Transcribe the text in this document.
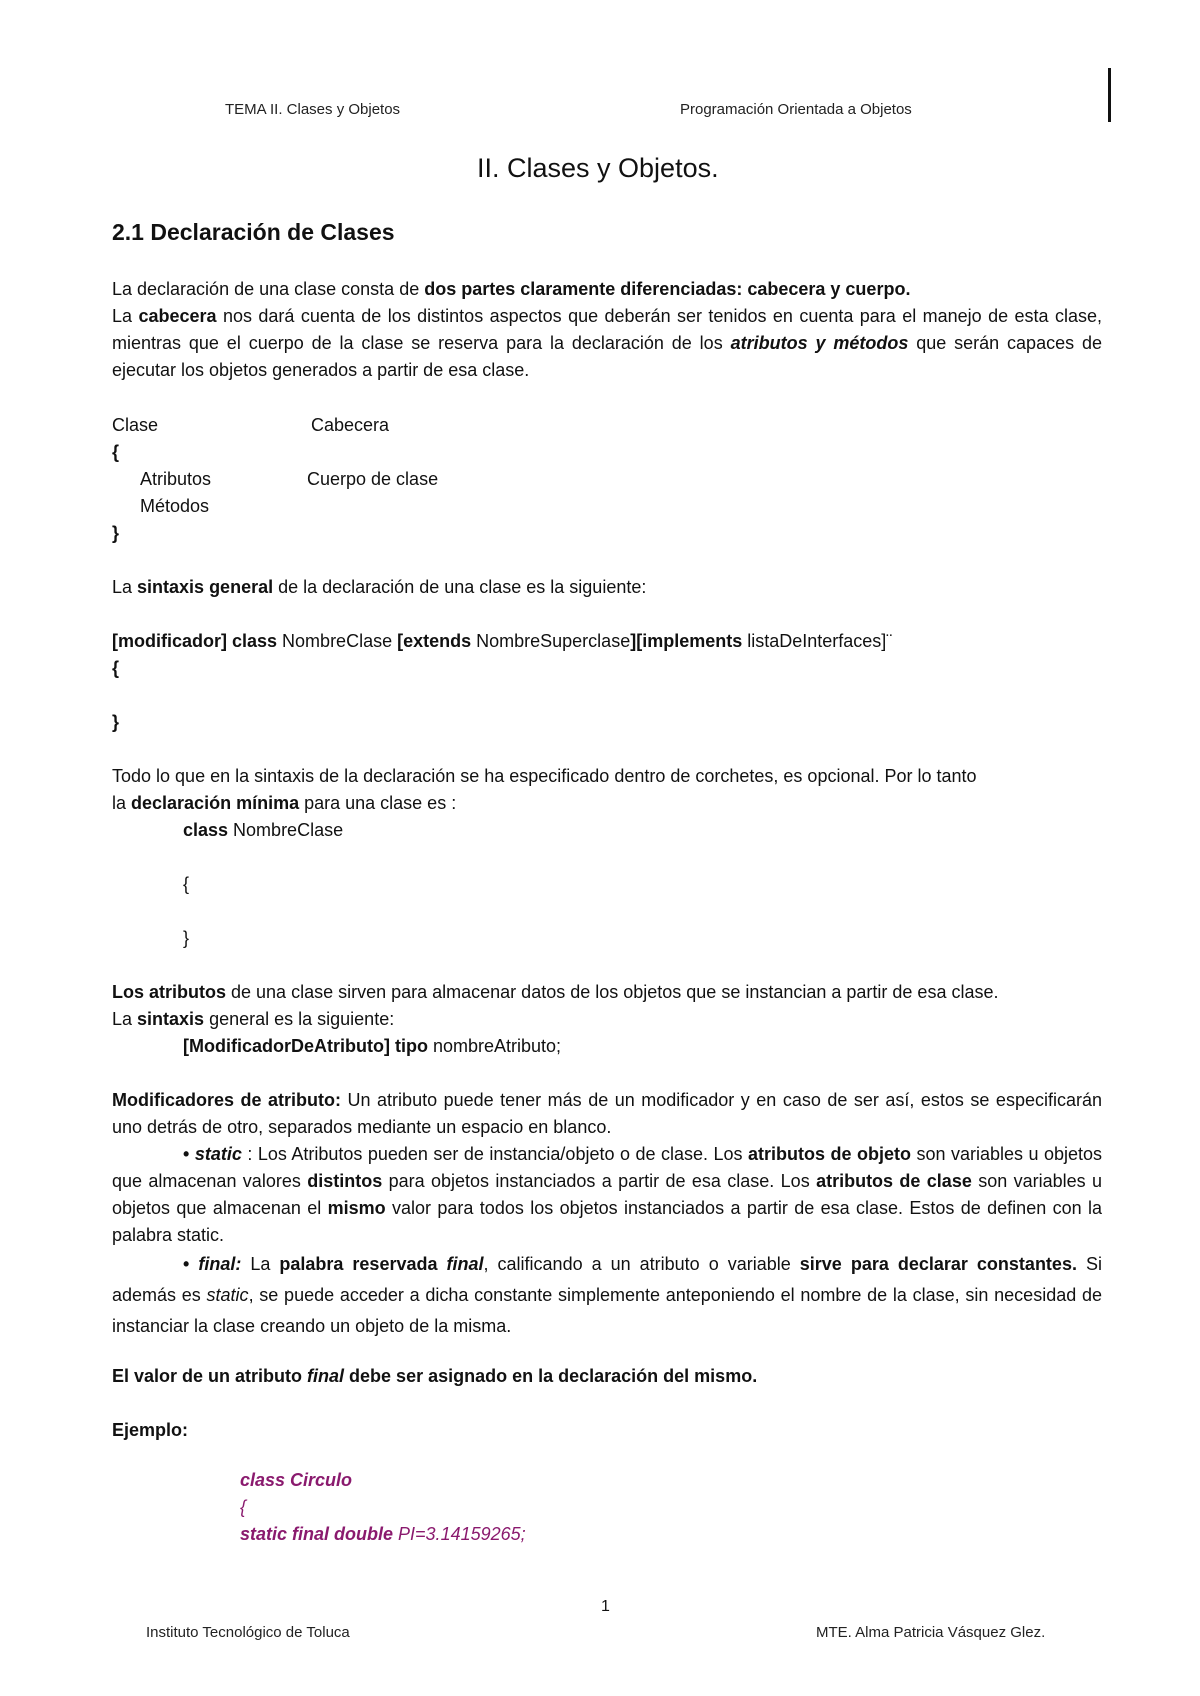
TEMA II. Clases y Objetos	Programación Orientada a Objetos
II. Clases y Objetos.
2.1 Declaración de Clases
La declaración de una clase consta de dos partes claramente diferenciadas: cabecera y cuerpo.
La cabecera nos dará cuenta de los distintos aspectos que deberán ser tenidos en cuenta para el manejo de esta clase, mientras que el cuerpo de la clase se reserva para la declaración de los atributos y métodos que serán capaces de ejecutar los objetos generados a partir de esa clase.
Clase	Cabecera
{
Atributos	Cuerpo de clase
Métodos
}
La sintaxis general de la declaración de una clase es la siguiente:
[modificador] class NombreClase [extends NombreSuperclase][implements listaDeInterfaces]¨
{
}
Todo lo que en la sintaxis de la declaración se ha especificado dentro de corchetes, es opcional. Por lo tanto
la declaración mínima para una clase es :
class NombreClase
{
}
Los atributos de una clase sirven para almacenar datos de los objetos que se instancian a partir de esa clase.
La sintaxis general es la siguiente:
[ModificadorDeAtributo] tipo nombreAtributo;
Modificadores de atributo: Un atributo puede tener más de un modificador y en caso de ser así, estos se especificarán uno detrás de otro, separados mediante un espacio en blanco.
• static : Los Atributos pueden ser de instancia/objeto o de clase. Los atributos de objeto son variables u objetos que almacenan valores distintos para objetos instanciados a partir de esa clase. Los atributos de clase son variables u objetos que almacenan el mismo valor para todos los objetos instanciados a partir de esa clase. Estos de definen con la palabra static.
• final: La palabra reservada final, calificando a un atributo o variable sirve para declarar constantes. Si además es static, se puede acceder a dicha constante simplemente anteponiendo el nombre de la clase, sin necesidad de instanciar la clase creando un objeto de la misma.
El valor de un atributo final debe ser asignado en la declaración del mismo.
Ejemplo:
class Circulo
{
static final double PI=3.14159265;
1
Instituto Tecnológico de Toluca	MTE. Alma Patricia Vásquez Glez.
